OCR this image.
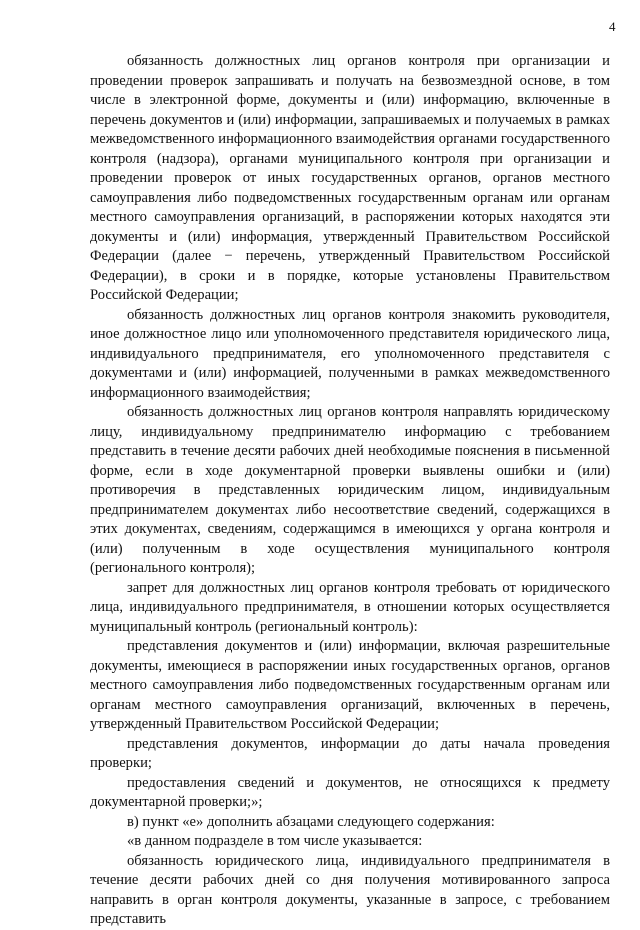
4

обязанность должностных лиц органов контроля при организации и проведении проверок запрашивать и получать на безвозмездной основе, в том числе в электронной форме, документы и (или) информацию, включенные в перечень документов и (или) информации, запрашиваемых и получаемых в рамках межведомственного информационного взаимодействия органами государственного контроля (надзора), органами муниципального контроля при организации и проведении проверок от иных государственных органов, органов местного самоуправления либо подведомственных государственным органам или органам местного самоуправления организаций, в распоряжении которых находятся эти документы и (или) информация, утвержденный Правительством Российской Федерации (далее − перечень, утвержденный Правительством Российской Федерации), в сроки и в порядке, которые установлены Правительством Российской Федерации;

обязанность должностных лиц органов контроля знакомить руководителя, иное должностное лицо или уполномоченного представителя юридического лица, индивидуального предпринимателя, его уполномоченного представителя с документами и (или) информацией, полученными в рамках межведомственного информационного взаимодействия;

обязанность должностных лиц органов контроля направлять юридическому лицу, индивидуальному предпринимателю информацию с требованием представить в течение десяти рабочих дней необходимые пояснения в письменной форме, если в ходе документарной проверки выявлены ошибки и (или) противоречия в представленных юридическим лицом, индивидуальным предпринимателем документах либо несоответствие сведений, содержащихся в этих документах, сведениям, содержащимся в имеющихся у органа контроля и (или) полученным в ходе осуществления муниципального контроля (регионального контроля);

запрет для должностных лиц органов контроля требовать от юридического лица, индивидуального предпринимателя, в отношении которых осуществляется муниципальный контроль (региональный контроль):

представления документов и (или) информации, включая разрешительные документы, имеющиеся в распоряжении иных государственных органов, органов местного самоуправления либо подведомственных государственным органам или органам местного самоуправления организаций, включенных в перечень, утвержденный Правительством Российской Федерации;

представления документов, информации до даты начала проведения проверки;

предоставления сведений и документов, не относящихся к предмету документарной проверки;»;

в) пункт «е» дополнить абзацами следующего содержания:

«в данном подразделе в том числе указывается:

обязанность юридического лица, индивидуального предпринимателя в течение десяти рабочих дней со дня получения мотивированного запроса направить в орган контроля документы, указанные в запросе, с требованием представить
